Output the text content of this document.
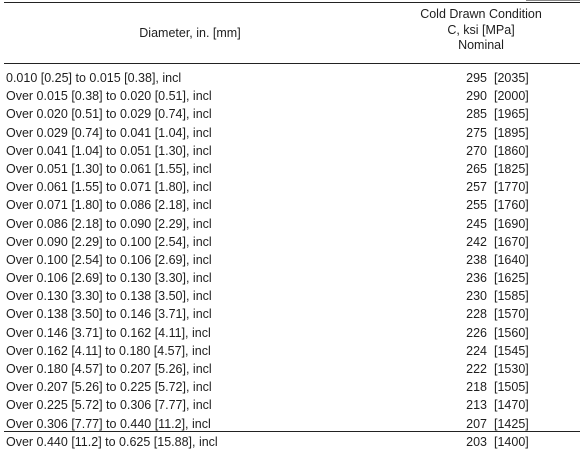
Diameter, in. [mm]
Cold Drawn Condition
C, ksi [MPa]
Nominal
0.010 [0.25] to 0.015 [0.38], incl	295 [2035]
Over 0.015 [0.38] to 0.020 [0.51], incl	290 [2000]
Over 0.020 [0.51] to 0.029 [0.74], incl	285 [1965]
Over 0.029 [0.74] to 0.041 [1.04], incl	275 [1895]
Over 0.041 [1.04] to 0.051 [1.30], incl	270 [1860]
Over 0.051 [1.30] to 0.061 [1.55], incl	265 [1825]
Over 0.061 [1.55] to 0.071 [1.80], incl	257 [1770]
Over 0.071 [1.80] to 0.086 [2.18], incl	255 [1760]
Over 0.086 [2.18] to 0.090 [2.29], incl	245 [1690]
Over 0.090 [2.29] to 0.100 [2.54], incl	242 [1670]
Over 0.100 [2.54] to 0.106 [2.69], incl	238 [1640]
Over 0.106 [2.69] to 0.130 [3.30], incl	236 [1625]
Over 0.130 [3.30] to 0.138 [3.50], incl	230 [1585]
Over 0.138 [3.50] to 0.146 [3.71], incl	228 [1570]
Over 0.146 [3.71] to 0.162 [4.11], incl	226 [1560]
Over 0.162 [4.11] to 0.180 [4.57], incl	224 [1545]
Over 0.180 [4.57] to 0.207 [5.26], incl	222 [1530]
Over 0.207 [5.26] to 0.225 [5.72], incl	218 [1505]
Over 0.225 [5.72] to 0.306 [7.77], incl	213 [1470]
Over 0.306 [7.77] to 0.440 [11.2], incl	207 [1425]
Over 0.440 [11.2] to 0.625 [15.88], incl	203 [1400]
